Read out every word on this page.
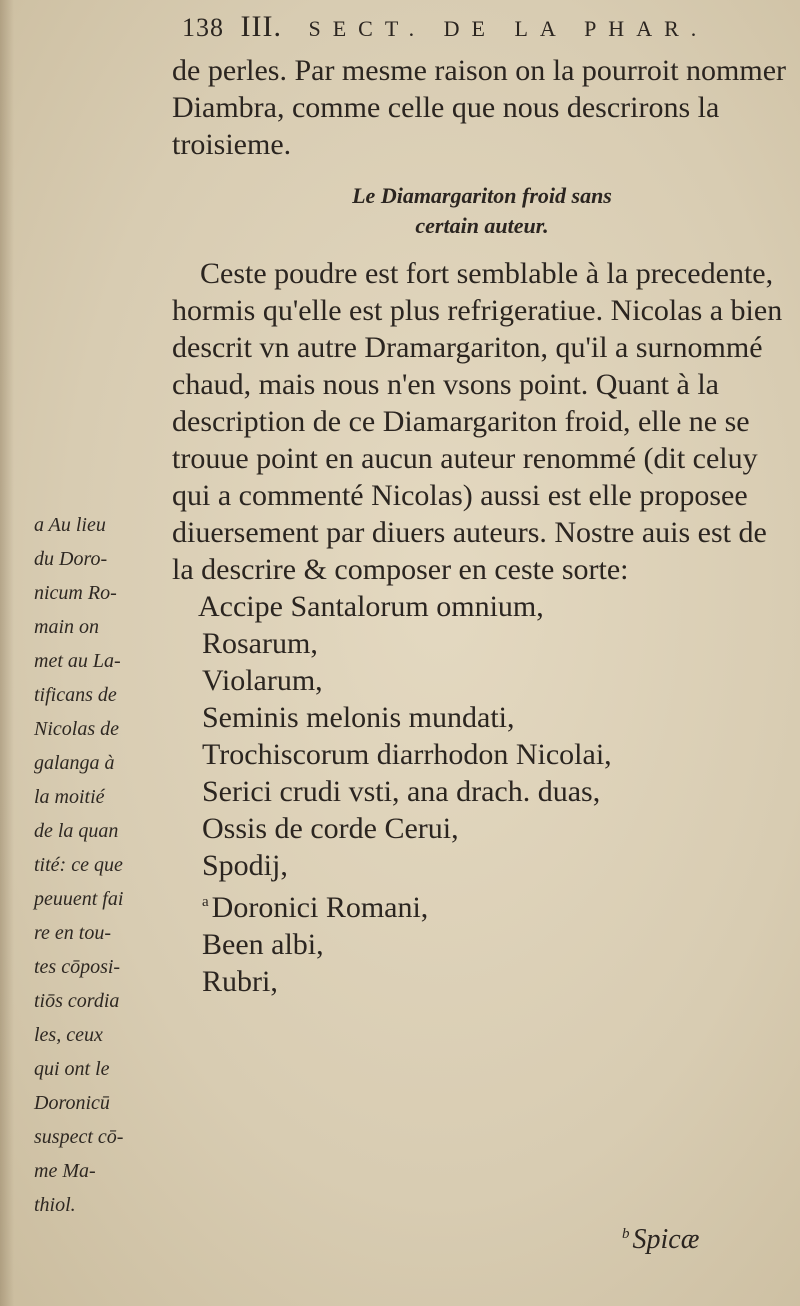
138 III. SECT. DE LA PHAR.

de perles. Par mesme raison on la pourroit nommer Diambra, comme celle que nous descrirons la troisieme.

Le Diamargariton froid sans

certain auteur.

Ceste poudre est fort semblable à la precedente, hormis qu'elle est plus refrigeratiue. Nicolas a bien descrit vn autre Dramargariton, qu'il a surnommé chaud, mais nous n'en vsons point. Quant à la description de ce Diamargariton froid, elle ne se trouue point en aucun auteur renommé (dit celuy qui a commenté Nicolas) aussi est elle proposee diuersement par diuers auteurs. Nostre auis est de la descrire & composer en ceste sorte:

Accipe Santalorum omnium,
Rosarum,
Violarum,
Seminis melonis mundati,
Trochiscorum diarrhodon Nicolai,
Serici crudi vsti, ana drach. duas,
Ossis de corde Cerui,
Spodij,
$^a$ Doronici Romani,
Been albi,
Rubri,
$^b$ Spicæ
a Au lieu
du Doro-
nicum Ro-
main on
met au La-
tificans de
Nicolas de
galanga à
la moitié
de la quan
tité: ce que
peuuent fai
re en tou-
tes cōposi-
tiōs cordia
les, ceux
qui ont le
Doronicū
suspect cō-
me Ma-
thiol.
